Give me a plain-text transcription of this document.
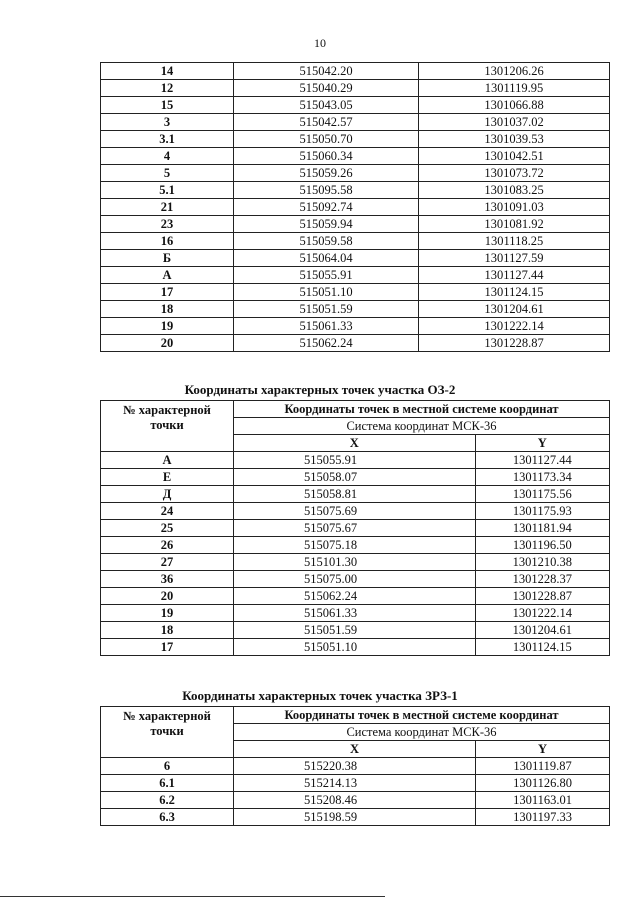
10
14	515042.20	1301206.26
12	515040.29	1301119.95
15	515043.05	1301066.88
3	515042.57	1301037.02
3.1	515050.70	1301039.53
4	515060.34	1301042.51
5	515059.26	1301073.72
5.1	515095.58	1301083.25
21	515092.74	1301091.03
23	515059.94	1301081.92
16	515059.58	1301118.25
Б	515064.04	1301127.59
А	515055.91	1301127.44
17	515051.10	1301124.15
18	515051.59	1301204.61
19	515061.33	1301222.14
20	515062.24	1301228.87
Координаты характерных точек участка ОЗ-2
№ характерной точки	Координаты точек в местной системе координат	

	Система координат МСК-36	
	X	Y
А	515055.91	1301127.44
Е	515058.07	1301173.34
Д	515058.81	1301175.56
24	515075.69	1301175.93
25	515075.67	1301181.94
26	515075.18	1301196.50
27	515101.30	1301210.38
36	515075.00	1301228.37
20	515062.24	1301228.87
19	515061.33	1301222.14
18	515051.59	1301204.61
17	515051.10	1301124.15
Координаты характерных точек участка ЗРЗ-1
№ характерной точки	Координаты точек в местной системе координат	

	Система координат МСК-36	
	X	Y
6	515220.38	1301119.87
6.1	515214.13	1301126.80
6.2	515208.46	1301163.01
6.3	515198.59	1301197.33
